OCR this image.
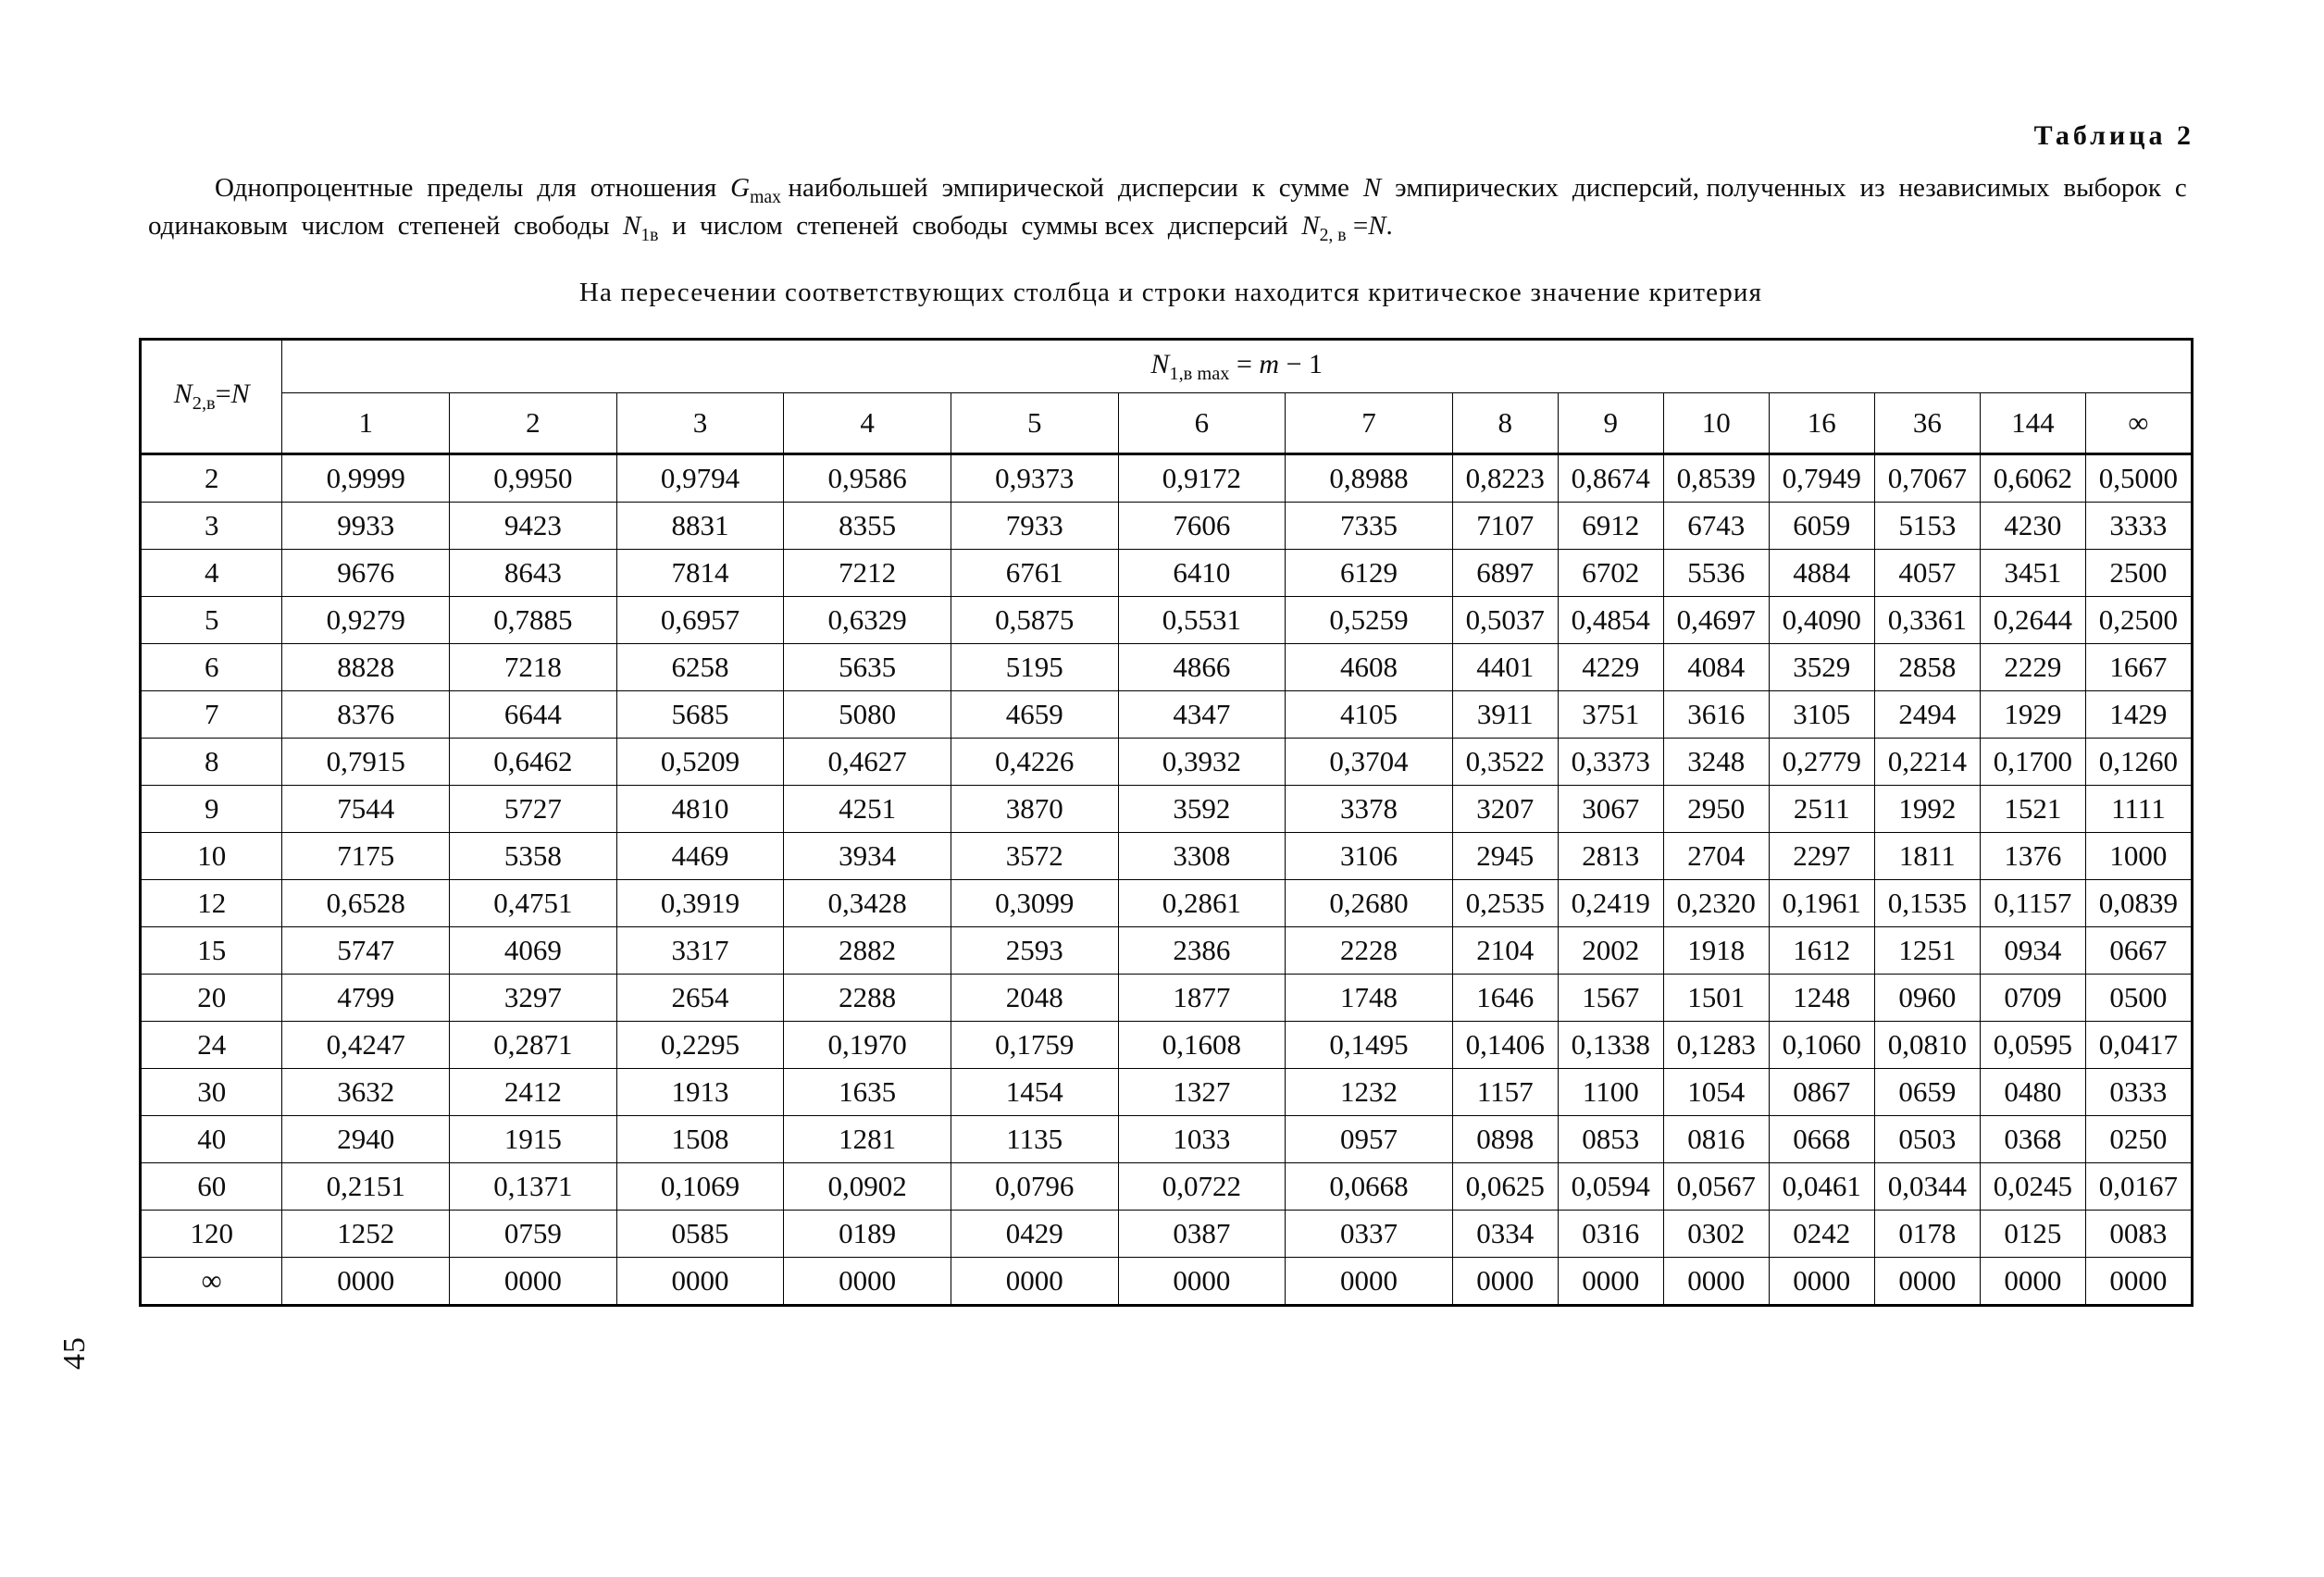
Таблица 2
Однопроцентные  пределы  для  отношения  $G_{max}$ наибольшей  эмпирической  дисперсии  к  сумме  N  эмпирических  дисперсий, полученных  из  независимых  выборок  с  одинаковым  числом  степеней  свободы  $N_{1в}$  и  числом  степеней  свободы  суммы всех  дисперсий  $N_{2, в} =N$.
На пересечении соответствующих столбца и строки находится критическое значение критерия
$N_{2,в}=N$	$N_{1,в max} = m - 1$													
	1	2	3	4	5	6	7	8	9	10	16	36	144	∞
2	0,9999	0,9950	0,9794	0,9586	0,9373	0,9172	0,8988	0,8223	0,8674	0,8539	0,7949	0,7067	0,6062	0,5000
3	9933	9423	8831	8355	7933	7606	7335	7107	6912	6743	6059	5153	4230	3333
4	9676	8643	7814	7212	6761	6410	6129	6897	6702	5536	4884	4057	3451	2500
5	0,9279	0,7885	0,6957	0,6329	0,5875	0,5531	0,5259	0,5037	0,4854	0,4697	0,4090	0,3361	0,2644	0,2500
6	8828	7218	6258	5635	5195	4866	4608	4401	4229	4084	3529	2858	2229	1667
7	8376	6644	5685	5080	4659	4347	4105	3911	3751	3616	3105	2494	1929	1429
8	0,7915	0,6462	0,5209	0,4627	0,4226	0,3932	0,3704	0,3522	0,3373	3248	0,2779	0,2214	0,1700	0,1260
9	7544	5727	4810	4251	3870	3592	3378	3207	3067	2950	2511	1992	1521	1111
10	7175	5358	4469	3934	3572	3308	3106	2945	2813	2704	2297	1811	1376	1000
12	0,6528	0,4751	0,3919	0,3428	0,3099	0,2861	0,2680	0,2535	0,2419	0,2320	0,1961	0,1535	0,1157	0,0839
15	5747	4069	3317	2882	2593	2386	2228	2104	2002	1918	1612	1251	0934	0667
20	4799	3297	2654	2288	2048	1877	1748	1646	1567	1501	1248	0960	0709	0500
24	0,4247	0,2871	0,2295	0,1970	0,1759	0,1608	0,1495	0,1406	0,1338	0,1283	0,1060	0,0810	0,0595	0,0417
30	3632	2412	1913	1635	1454	1327	1232	1157	1100	1054	0867	0659	0480	0333
40	2940	1915	1508	1281	1135	1033	0957	0898	0853	0816	0668	0503	0368	0250
60	0,2151	0,1371	0,1069	0,0902	0,0796	0,0722	0,0668	0,0625	0,0594	0,0567	0,0461	0,0344	0,0245	0,0167
120	1252	0759	0585	0189	0429	0387	0337	0334	0316	0302	0242	0178	0125	0083
∞	0000	0000	0000	0000	0000	0000	0000	0000	0000	0000	0000	0000	0000	0000
45
